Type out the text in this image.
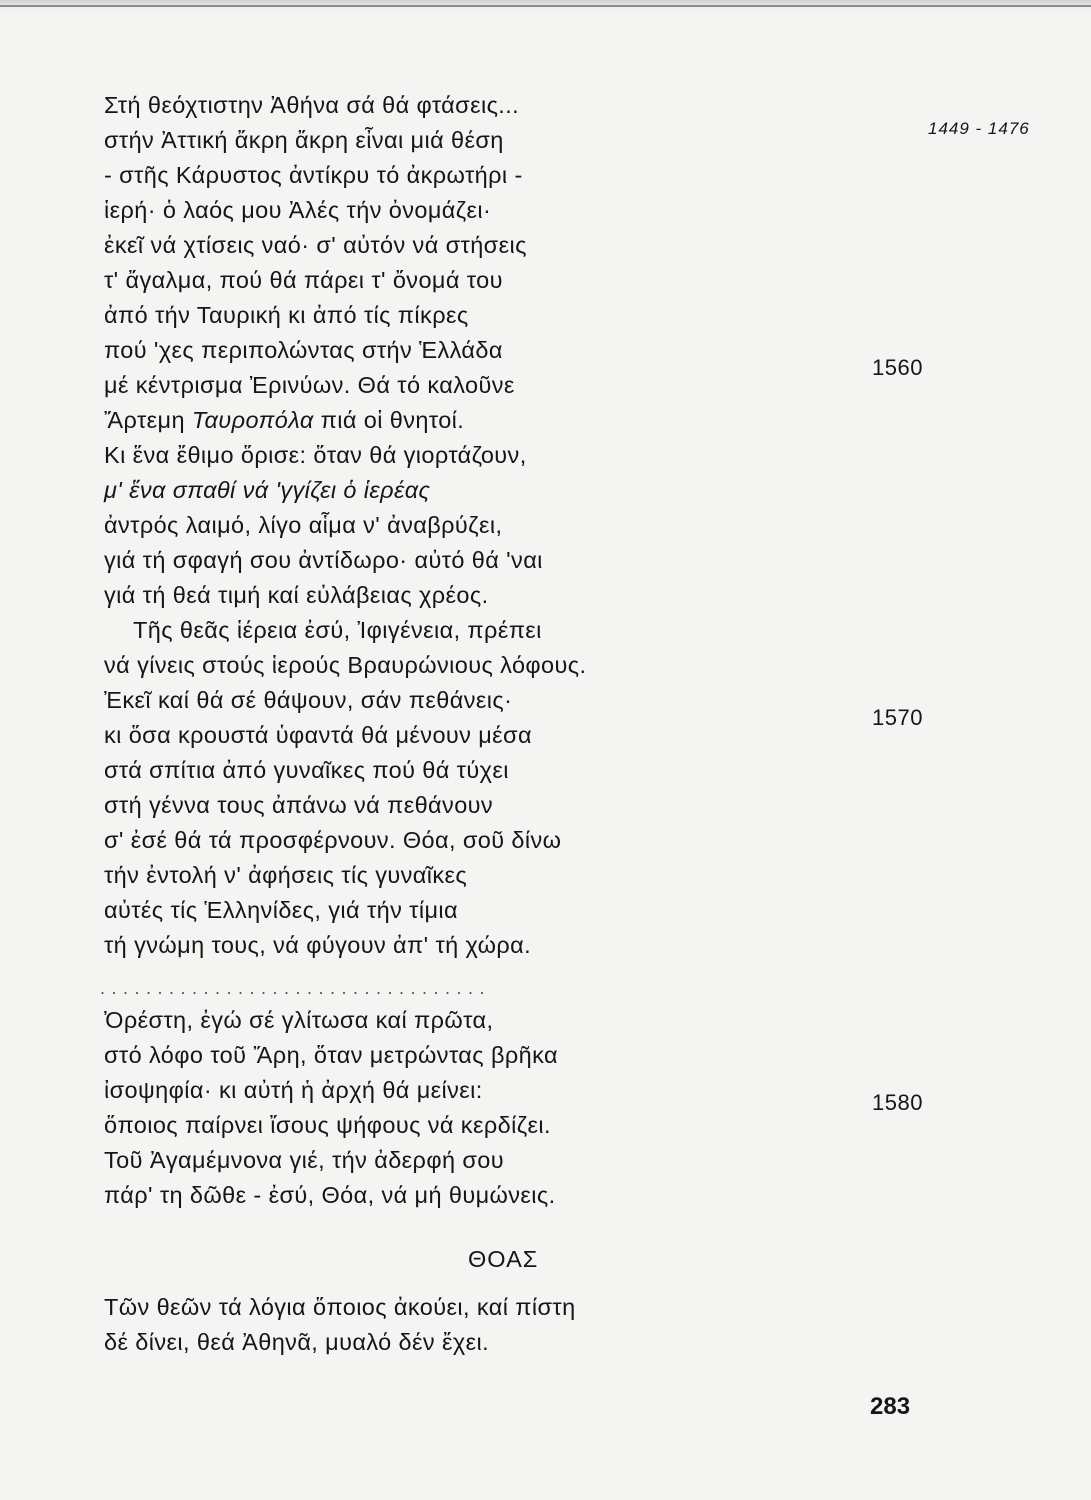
1449 - 1476

Στή θεόχτιστην Ἀθήνα σά θά φτάσεις...

στήν Ἀττική ἄκρη ἄκρη εἶναι μιά θέση

- στῆς Κάρυστος ἀντίκρυ τό ἀκρωτήρι -

ἱερή· ὁ λαός μου Ἀλές τήν ὀνομάζει·

ἐκεῖ νά χτίσεις ναό· σ' αὐτόν νά στήσεις

τ' ἄγαλμα, πού θά πάρει τ' ὄνομά του

ἀπό τήν Ταυρική κι ἀπό τίς πίκρες

πού 'χες περιπολώντας στήν Ἑλλάδα

μέ κέντρισμα Ἐρινύων. Θά τό καλοῦνε

Ἄρτεμη Ταυροπόλα πιά οἱ θνητοί.

Κι ἕνα ἔθιμο ὅρισε: ὅταν θά γιορτάζουν,

μ' ἕνα σπαθί νά 'γγίζει ὁ ἱερέας

ἀντρός λαιμό, λίγο αἷμα ν' ἀναβρύζει,

γιά τή σφαγή σου ἀντίδωρο· αὐτό θά 'ναι

γιά τή θεά τιμή καί εὐλάβειας χρέος.

Τῆς θεᾶς ἱέρεια ἐσύ, Ἰφιγένεια, πρέπει

νά γίνεις στούς ἱερούς Βραυρώνιους λόφους.

Ἐκεῖ καί θά σέ θάψουν, σάν πεθάνεις·

κι ὅσα κρουστά ὑφαντά θά μένουν μέσα

στά σπίτια ἀπό γυναῖκες πού θά τύχει

στή γέννα τους ἀπάνω νά πεθάνουν

σ' ἐσέ θά τά προσφέρνουν. Θόα, σοῦ δίνω

τήν ἐντολή ν' ἀφήσεις τίς γυναῖκες

αὐτές τίς Ἑλληνίδες, γιά τήν τίμια

τή γνώμη τους, νά φύγουν ἀπ' τή χώρα.

..................................

Ὀρέστη, ἐγώ σέ γλίτωσα καί πρῶτα,

στό λόφο τοῦ Ἄρη, ὅταν μετρώντας βρῆκα

ἰσοψηφία· κι αὐτή ἡ ἀρχή θά μείνει:

ὅποιος παίρνει ἴσους ψήφους νά κερδίζει.

Τοῦ Ἀγαμέμνονα γιέ, τήν ἀδερφή σου

πάρ' τη δῶθε - ἐσύ, Θόα, νά μή θυμώνεις.

1560
1570
1580
ΘΟΑΣ

Τῶν θεῶν τά λόγια ὅποιος ἀκούει, καί πίστη

δέ δίνει, θεά Ἀθηνᾶ, μυαλό δέν ἔχει.

283
